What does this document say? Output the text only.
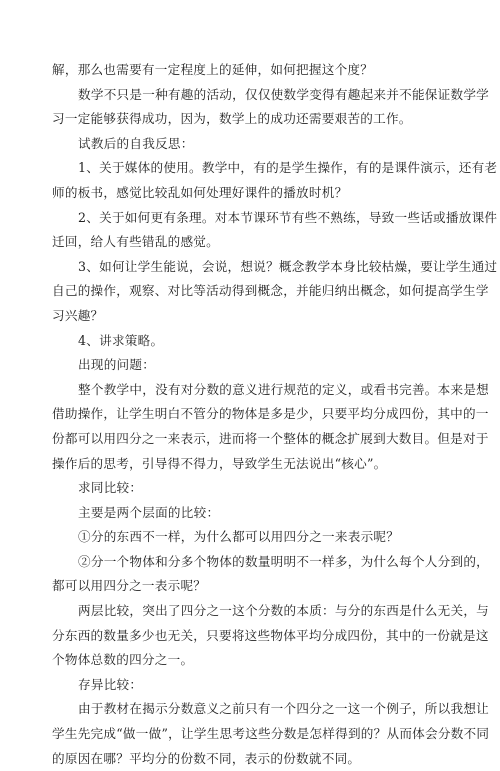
解，那么也需要有一定程度上的延伸，如何把握这个度？
数学不只是一种有趣的活动，仅仅使数学变得有趣起来并不能保证数学学
习一定能够获得成功，因为，数学上的成功还需要艰苦的工作。
试教后的自我反思：
1、关于媒体的使用。教学中，有的是学生操作，有的是课件演示，还有老
师的板书，感觉比较乱如何处理好课件的播放时机？
2、关于如何更有条理。对本节课环节有些不熟练，导致一些话或播放课件
迁回，给人有些错乱的感觉。
3、如何让学生能说，会说，想说？概念教学本身比较枯燥，要让学生通过
自己的操作，观察、对比等活动得到概念，并能归纳出概念，如何提高学生学
习兴趣？
4、讲求策略。
出现的问题：
整个教学中，没有对分数的意义进行规范的定义，或看书完善。本来是想
借助操作，让学生明白不管分的物体是多是少，只要平均分成四份，其中的一
份都可以用四分之一来表示，进而将一个整体的概念扩展到大数目。但是对于
操作后的思考，引导得不得力，导致学生无法说出“核心”。
求同比较：
主要是两个层面的比较：
①分的东西不一样，为什么都可以用四分之一来表示呢？
②分一个物体和分多个物体的数量明明不一样多，为什么每个人分到的，
都可以用四分之一表示呢？
两层比较，突出了四分之一这个分数的本质：与分的东西是什么无关，与
分东西的数量多少也无关，只要将这些物体平均分成四份，其中的一份就是这
个物体总数的四分之一。
存异比较：
由于教材在揭示分数意义之前只有一个四分之一这一个例子，所以我想让
学生先完成“做一做”，让学生思考这些分数是怎样得到的？从而体会分数不同
的原因在哪？平均分的份数不同，表示的份数就不同。
